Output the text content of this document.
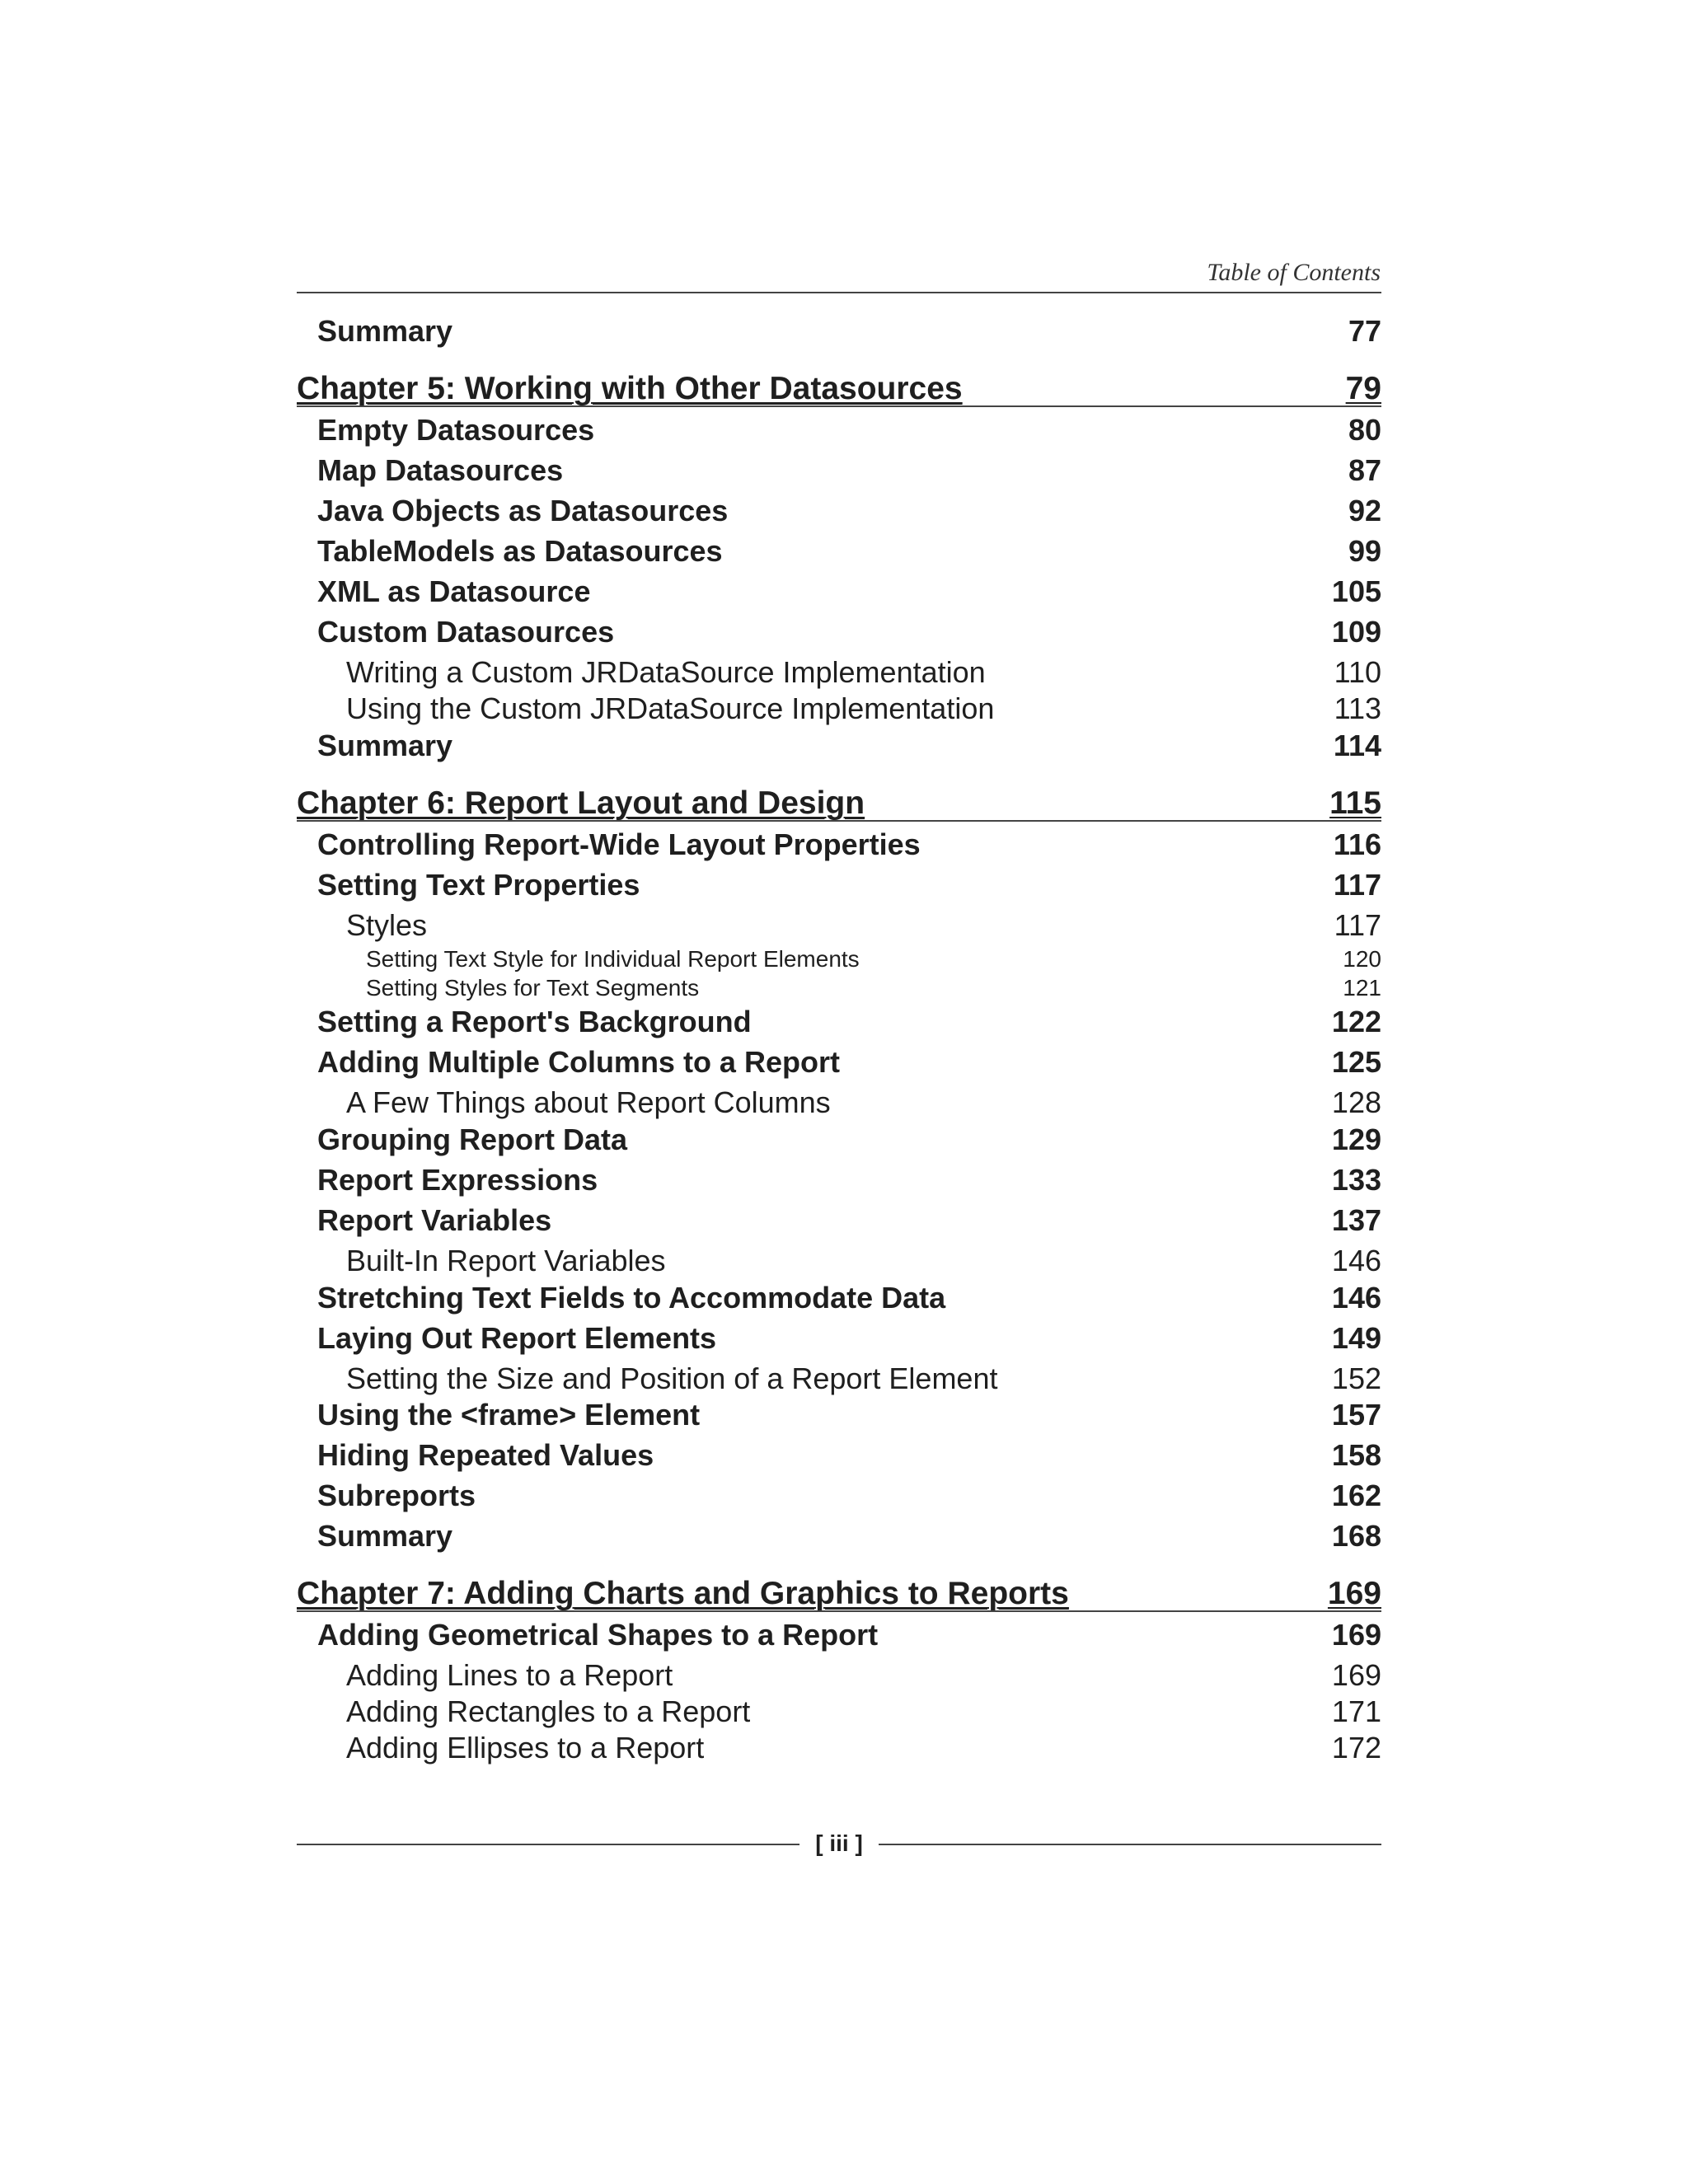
Table of Contents
Summary	77
Chapter 5: Working with Other Datasources	79
Empty Datasources	80
Map Datasources	87
Java Objects as Datasources	92
TableModels as Datasources	99
XML as Datasource	105
Custom Datasources	109
Writing a Custom JRDataSource Implementation	110
Using the Custom JRDataSource Implementation	113
Summary	114
Chapter 6: Report Layout and Design	115
Controlling Report-Wide Layout Properties	116
Setting Text Properties	117
Styles	117
Setting Text Style for Individual Report Elements	120
Setting Styles for Text Segments	121
Setting a Report's Background	122
Adding Multiple Columns to a Report	125
A Few Things about Report Columns	128
Grouping Report Data	129
Report Expressions	133
Report Variables	137
Built-In Report Variables	146
Stretching Text Fields to Accommodate Data	146
Laying Out Report Elements	149
Setting the Size and Position of a Report Element	152
Using the <frame> Element	157
Hiding Repeated Values	158
Subreports	162
Summary	168
Chapter 7: Adding Charts and Graphics to Reports	169
Adding Geometrical Shapes to a Report	169
Adding Lines to a Report	169
Adding Rectangles to a Report	171
Adding Ellipses to a Report	172
[ iii ]
